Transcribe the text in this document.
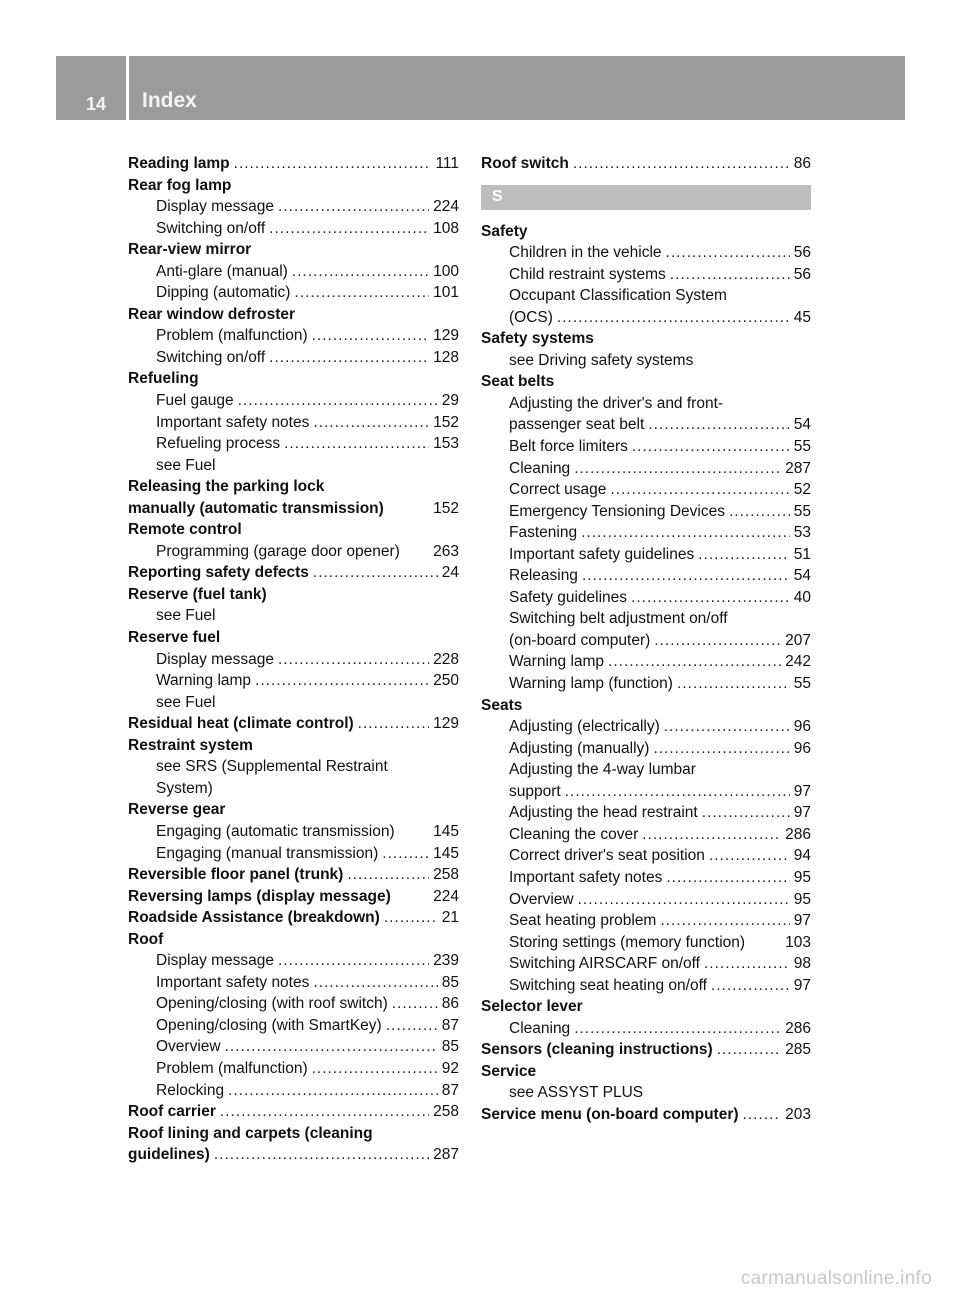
14 Index
Reading lamp .....	111
Rear fog lamp
Display message .....	224
Switching on/off .....	108
Rear-view mirror
Anti-glare (manual) .....	100
Dipping (automatic) .....	101
Rear window defroster
Problem (malfunction) .....	129
Switching on/off .....	128
Refueling
Fuel gauge .....	29
Important safety notes .....	152
Refueling process .....	153
see Fuel
Releasing the parking lock
manually (automatic transmission)	152
Remote control
Programming (garage door opener) 263
Reporting safety defects .....	24
Reserve (fuel tank)
see Fuel
Reserve fuel
Display message .....	228
Warning lamp .....	250
see Fuel
Residual heat (climate control) .....	129
Restraint system
see SRS (Supplemental Restraint
System)
Reverse gear
Engaging (automatic transmission) 145
Engaging (manual transmission) .....	145
Reversible floor panel (trunk) .....	258
Reversing lamps (display message)	224
Roadside Assistance (breakdown) .....	21
Roof
Display message .....	239
Important safety notes .....	85
Opening/closing (with roof switch) .....	86
Opening/closing (with SmartKey) .....	87
Overview .....	85
Problem (malfunction) .....	92
Relocking .....	87
Roof carrier .....	258
Roof lining and carpets (cleaning
guidelines) .....	287
Roof switch .....	86
S
Safety
Children in the vehicle .....	56
Child restraint systems .....	56
Occupant Classification System
(OCS) .....	45
Safety systems
see Driving safety systems
Seat belts
Adjusting the driver's and front-
passenger seat belt .....	54
Belt force limiters .....	55
Cleaning .....	287
Correct usage .....	52
Emergency Tensioning Devices .....	55
Fastening .....	53
Important safety guidelines .....	51
Releasing .....	54
Safety guidelines .....	40
Switching belt adjustment on/off
(on-board computer) .....	207
Warning lamp .....	242
Warning lamp (function) .....	55
Seats
Adjusting (electrically) .....	96
Adjusting (manually) .....	96
Adjusting the 4-way lumbar
support .....	97
Adjusting the head restraint .....	97
Cleaning the cover .....	286
Correct driver's seat position .....	94
Important safety notes .....	95
Overview .....	95
Seat heating problem .....	97
Storing settings (memory function)	103
Switching AIRSCARF on/off .....	98
Switching seat heating on/off .....	97
Selector lever
Cleaning .....	286
Sensors (cleaning instructions) .....	285
Service
see ASSYST PLUS
Service menu (on-board computer) .....	203
carmanualsonline.info
